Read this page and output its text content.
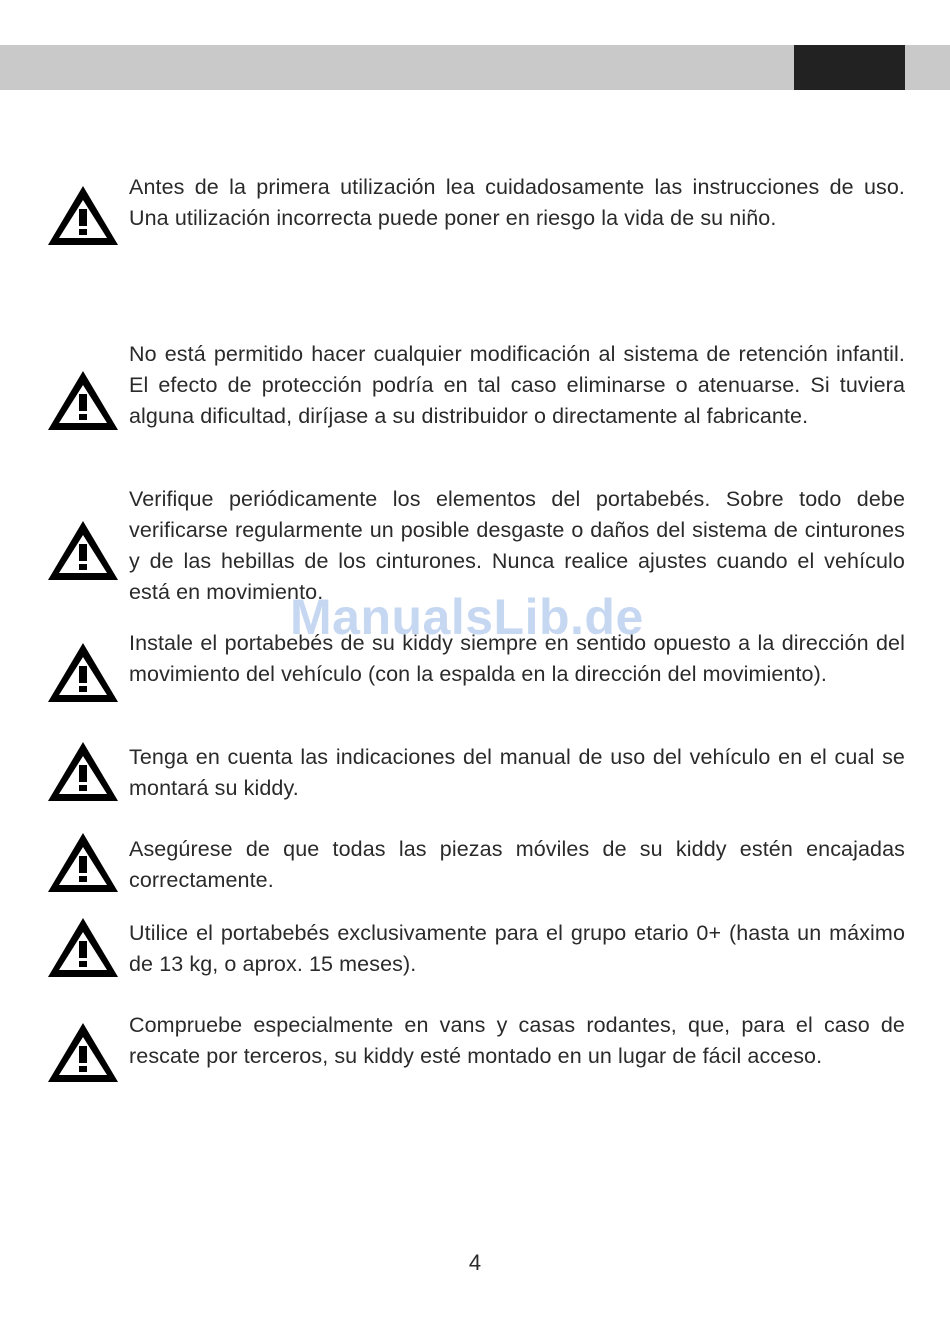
Antes de la primera utilización lea cuidadosamente las instrucciones de uso. Una utilización incorrecta puede poner en riesgo la vida de su niño.

No está permitido hacer cualquier modificación al sistema de retención infantil. El efecto de protección podría en tal caso eliminarse o atenuarse. Si tuviera alguna dificultad, diríjase a su distribuidor o directamente al fabricante.

Verifique periódicamente los elementos del portabebés. Sobre todo debe verificarse regularmente un posible desgaste o daños del sistema de cinturones y de las hebillas de los cinturones. Nunca realice ajustes cuando el vehículo está en movimiento.

Instale el portabebés de su kiddy siempre en sentido opuesto a la dirección del movimiento del vehículo (con la espalda en la dirección del movimiento).

Tenga en cuenta las indicaciones del manual de uso del vehículo en el cual se montará su kiddy.

Asegúrese de que todas las piezas móviles de su kiddy estén encajadas correctamente.

Utilice el portabebés exclusivamente para el grupo etario 0+ (hasta un máximo de 13 kg, o aprox. 15 meses).

Compruebe especialmente en vans y casas rodantes, que, para el caso de rescate por terceros, su kiddy esté montado en un lugar de fácil acceso.

ManualsLib.de
4
